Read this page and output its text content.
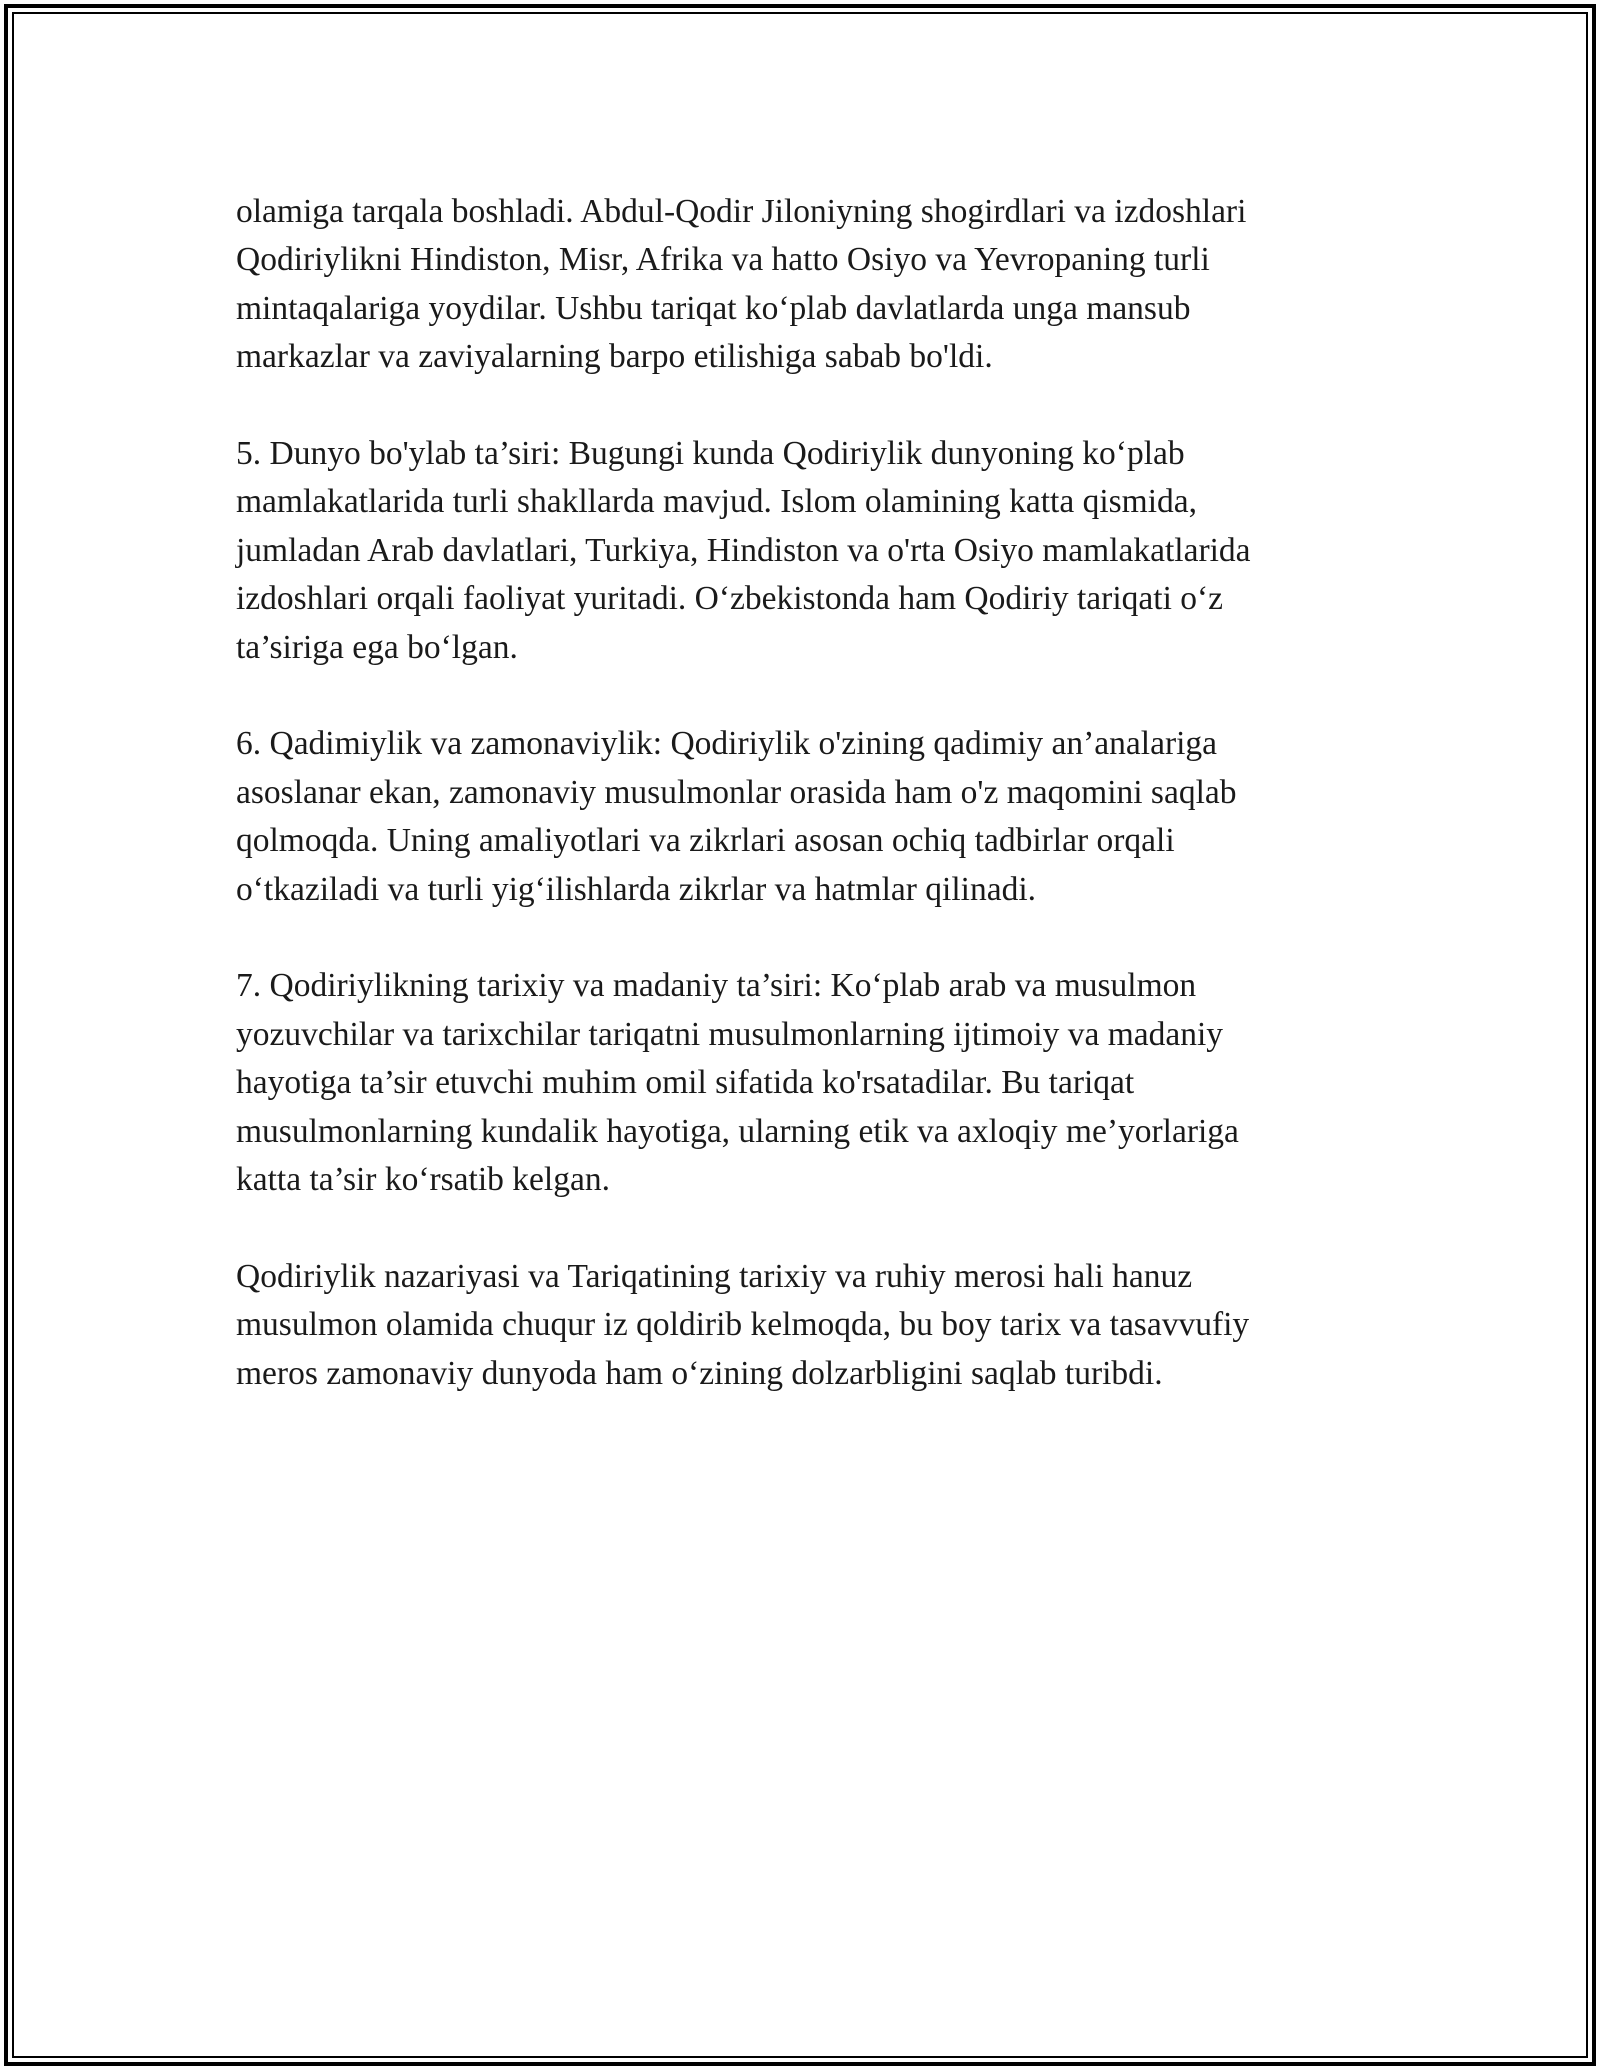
olamiga tarqala boshladi. Abdul-Qodir Jiloniyning shogirdlari va izdoshlari
Qodiriylikni Hindiston, Misr, Afrika va hatto Osiyo va Yevropaning turli
mintaqalariga yoydilar. Ushbu tariqat koʻplab davlatlarda unga mansub
markazlar va zaviyalarning barpo etilishiga sabab bo'ldi.

5. Dunyo bo'ylab ta’siri: Bugungi kunda Qodiriylik dunyoning koʻplab
mamlakatlarida turli shakllarda mavjud. Islom olamining katta qismida,
jumladan Arab davlatlari, Turkiya, Hindiston va o'rta Osiyo mamlakatlarida
izdoshlari orqali faoliyat yuritadi. Oʻzbekistonda ham Qodiriy tariqati oʻz
ta’siriga ega boʻlgan.

6. Qadimiylik va zamonaviylik: Qodiriylik o'zining qadimiy an’analariga
asoslanar ekan, zamonaviy musulmonlar orasida ham o'z maqomini saqlab
qolmoqda. Uning amaliyotlari va zikrlari asosan ochiq tadbirlar orqali
oʻtkaziladi va turli yigʻilishlarda zikrlar va hatmlar qilinadi.

7. Qodiriylikning tarixiy va madaniy ta’siri: Koʻplab arab va musulmon
yozuvchilar va tarixchilar tariqatni musulmonlarning ijtimoiy va madaniy
hayotiga ta’sir etuvchi muhim omil sifatida ko'rsatadilar. Bu tariqat
musulmonlarning kundalik hayotiga, ularning etik va axloqiy me’yorlariga
katta ta’sir koʻrsatib kelgan.

Qodiriylik nazariyasi va Tariqatining tarixiy va ruhiy merosi hali hanuz
musulmon olamida chuqur iz qoldirib kelmoqda, bu boy tarix va tasavvufiy
meros zamonaviy dunyoda ham oʻzining dolzarbligini saqlab turibdi.
